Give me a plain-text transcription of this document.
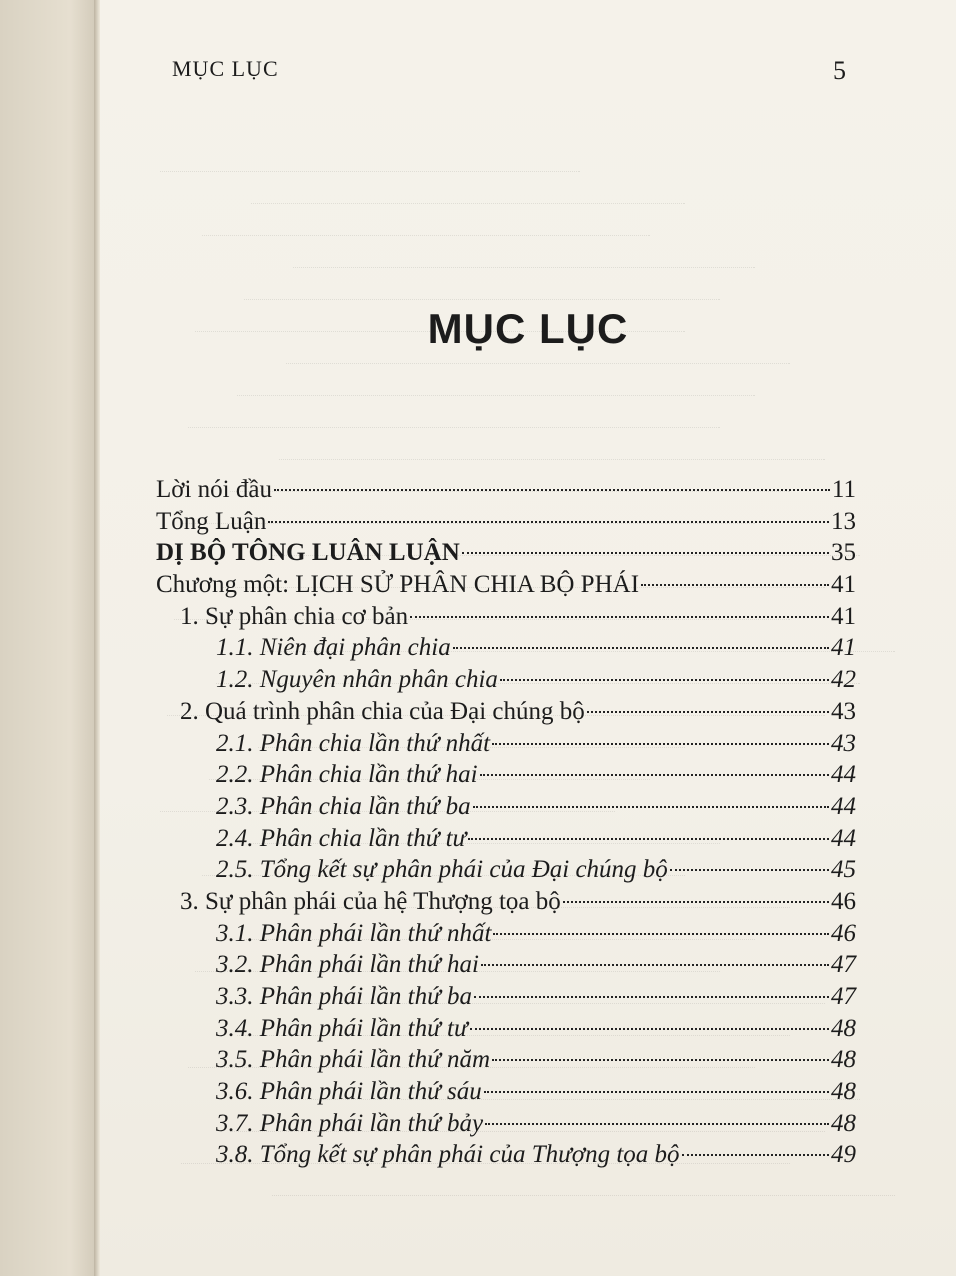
MỤC LỤC	5
MỤC LỤC
Lời nói đầu	11
Tổng Luận	13
DỊ BỘ TÔNG LUÂN LUẬN	35
Chương một: LỊCH SỬ PHÂN CHIA BỘ PHÁI	41
1. Sự phân chia cơ bản	41
1.1. Niên đại phân chia	41
1.2. Nguyên nhân phân chia	42
2. Quá trình phân chia của Đại chúng bộ	43
2.1. Phân chia lần thứ nhất	43
2.2. Phân chia lần thứ hai	44
2.3. Phân chia lần thứ ba	44
2.4. Phân chia lần thứ tư	44
2.5. Tổng kết sự phân phái của Đại chúng bộ	45
3. Sự phân phái của hệ Thượng tọa bộ	46
3.1. Phân phái lần thứ nhất	46
3.2. Phân phái lần thứ hai	47
3.3. Phân phái lần thứ ba	47
3.4. Phân phái lần thứ tư	48
3.5. Phân phái lần thứ năm	48
3.6. Phân phái lần thứ sáu	48
3.7. Phân phái lần thứ bảy	48
3.8. Tổng kết sự phân phái của Thượng tọa bộ	49
